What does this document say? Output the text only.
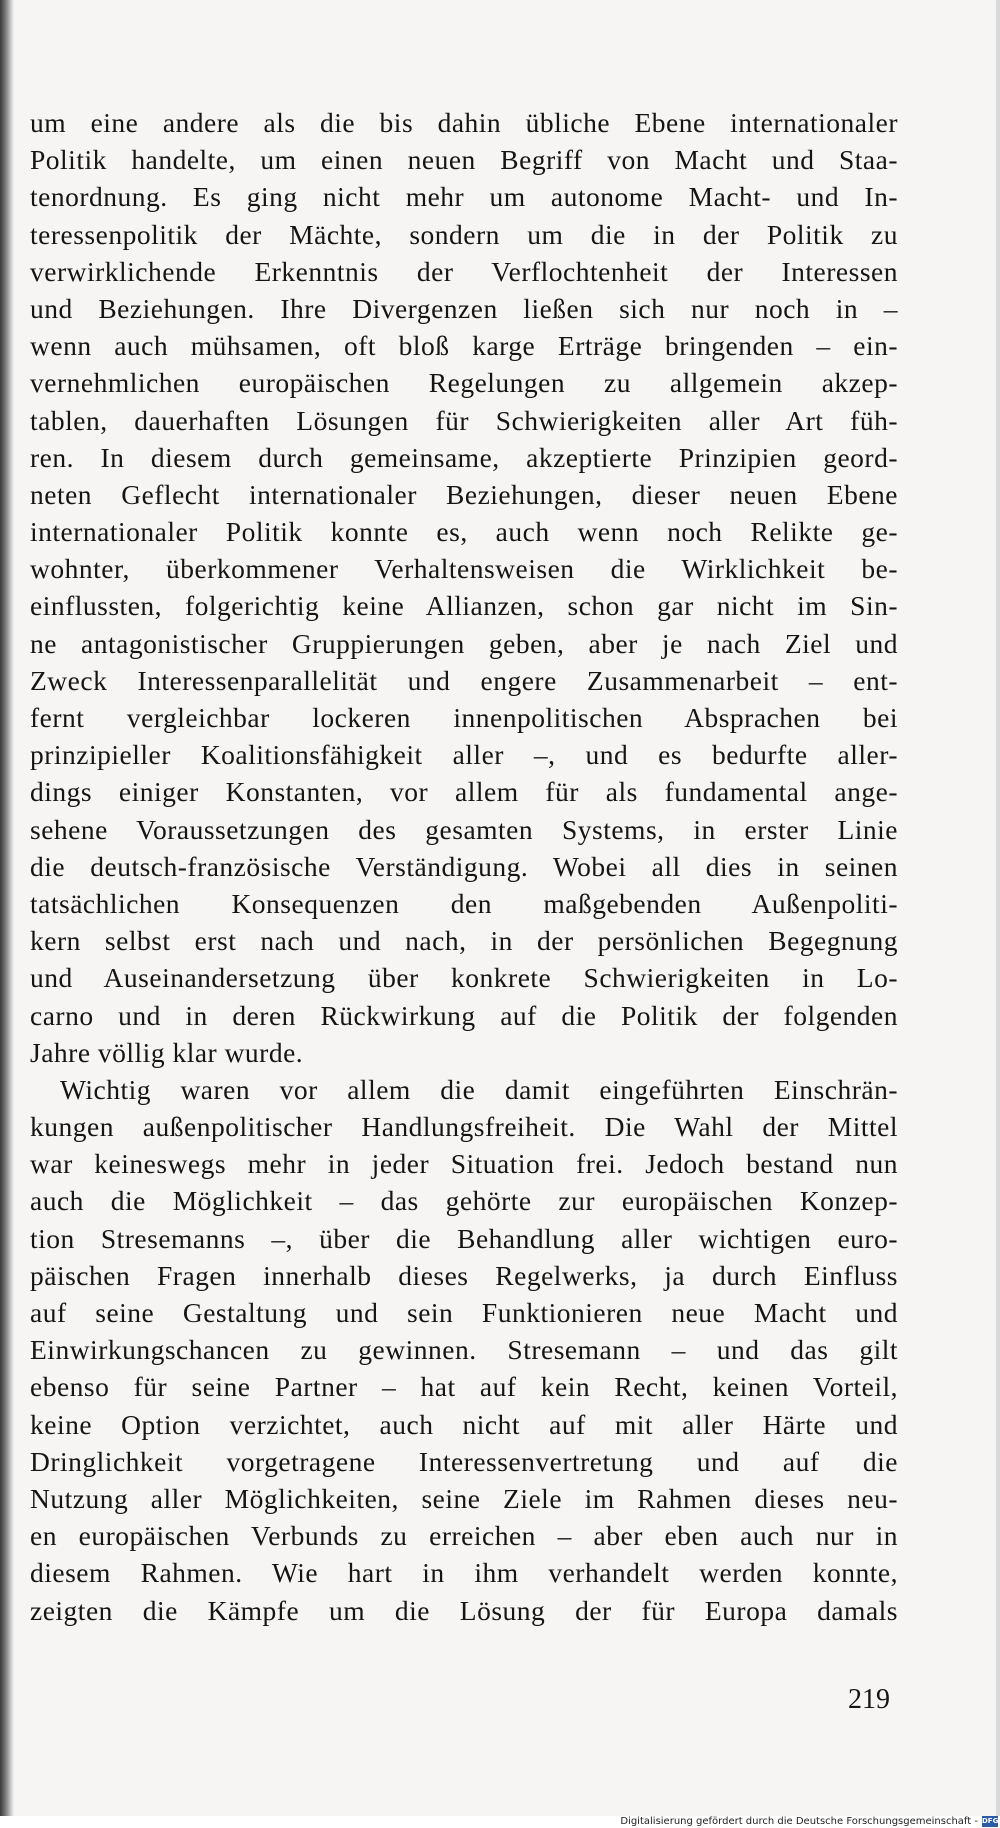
um eine andere als die bis dahin übliche Ebene internationaler
Politik handelte, um einen neuen Begriff von Macht und Staa-
tenordnung. Es ging nicht mehr um autonome Macht- und In-
teressenpolitik der Mächte, sondern um die in der Politik zu
verwirklichende Erkenntnis der Verflochtenheit der Interessen
und Beziehungen. Ihre Divergenzen ließen sich nur noch in –
wenn auch mühsamen, oft bloß karge Erträge bringenden – ein-
vernehmlichen europäischen Regelungen zu allgemein akzep-
tablen, dauerhaften Lösungen für Schwierigkeiten aller Art füh-
ren. In diesem durch gemeinsame, akzeptierte Prinzipien geord-
neten Geflecht internationaler Beziehungen, dieser neuen Ebene
internationaler Politik konnte es, auch wenn noch Relikte ge-
wohnter, überkommener Verhaltensweisen die Wirklichkeit be-
einflussten, folgerichtig keine Allianzen, schon gar nicht im Sin-
ne antagonistischer Gruppierungen geben, aber je nach Ziel und
Zweck Interessenparallelität und engere Zusammenarbeit – ent-
fernt vergleichbar lockeren innenpolitischen Absprachen bei
prinzipieller Koalitionsfähigkeit aller –, und es bedurfte aller-
dings einiger Konstanten, vor allem für als fundamental ange-
sehene Voraussetzungen des gesamten Systems, in erster Linie
die deutsch-französische Verständigung. Wobei all dies in seinen
tatsächlichen Konsequenzen den maßgebenden Außenpoliti-
kern selbst erst nach und nach, in der persönlichen Begegnung
und Auseinandersetzung über konkrete Schwierigkeiten in Lo-
carno und in deren Rückwirkung auf die Politik der folgenden
Jahre völlig klar wurde.
Wichtig waren vor allem die damit eingeführten Einschrän-
kungen außenpolitischer Handlungsfreiheit. Die Wahl der Mittel
war keineswegs mehr in jeder Situation frei. Jedoch bestand nun
auch die Möglichkeit – das gehörte zur europäischen Konzep-
tion Stresemanns –, über die Behandlung aller wichtigen euro-
päischen Fragen innerhalb dieses Regelwerks, ja durch Einfluss
auf seine Gestaltung und sein Funktionieren neue Macht und
Einwirkungschancen zu gewinnen. Stresemann – und das gilt
ebenso für seine Partner – hat auf kein Recht, keinen Vorteil,
keine Option verzichtet, auch nicht auf mit aller Härte und
Dringlichkeit vorgetragene Interessenvertretung und auf die
Nutzung aller Möglichkeiten, seine Ziele im Rahmen dieses neu-
en europäischen Verbunds zu erreichen – aber eben auch nur in
diesem Rahmen. Wie hart in ihm verhandelt werden konnte,
zeigten die Kämpfe um die Lösung der für Europa damals
219
Digitalisierung gefördert durch die Deutsche Forschungsgemeinschaft - DFG
